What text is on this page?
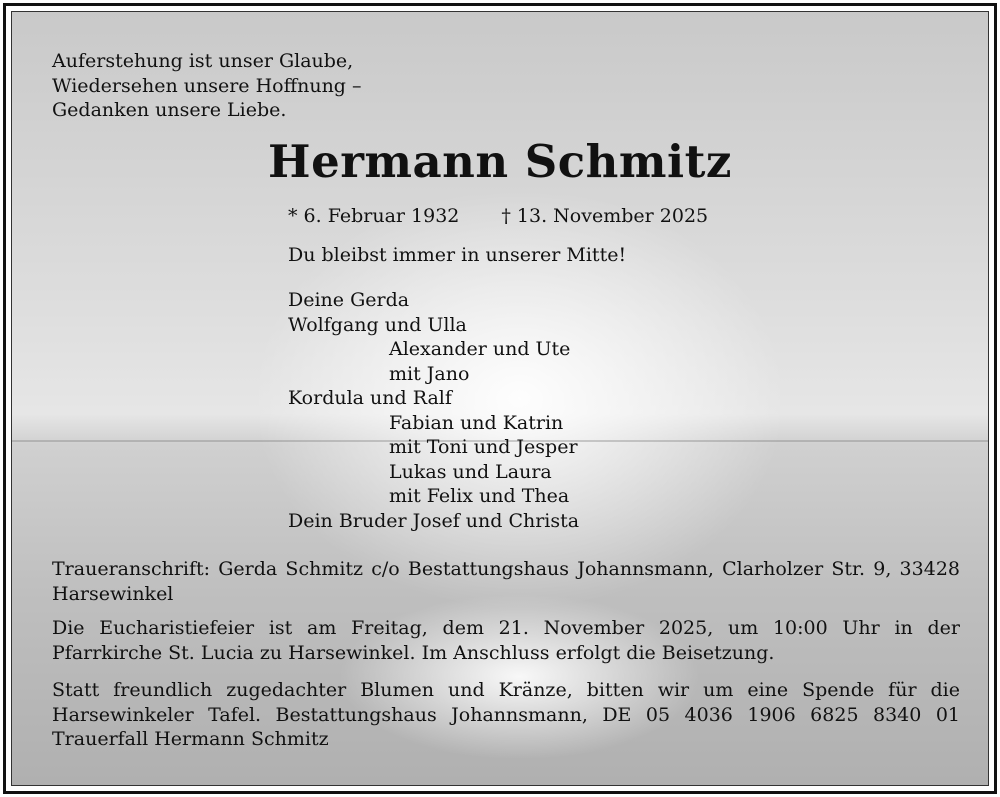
Auferstehung ist unser Glaube,
Wiedersehen unsere Hoffnung –
Gedanken unsere Liebe.
Hermann Schmitz
* 6. Februar 1932 † 13. November 2025
Du bleibst immer in unserer Mitte!
Deine Gerda
Wolfgang und Ulla
Alexander und Ute
mit Jano
Kordula und Ralf
Fabian und Katrin
mit Toni und Jesper
Lukas und Laura
mit Felix und Thea
Dein Bruder Josef und Christa
Traueranschrift: Gerda Schmitz c/o Bestattungshaus Johannsmann, Clarholzer Str. 9, 33428 Harsewinkel
Die Eucharistiefeier ist am Freitag, dem 21. November 2025, um 10:00 Uhr in der Pfarrkirche St. Lucia zu Harsewinkel. Im Anschluss erfolgt die Beisetzung.
Statt freundlich zugedachter Blumen und Kränze, bitten wir um eine Spende für die Harsewinkeler Tafel. Bestattungshaus Johannsmann, DE 05 4036 1906 6825 8340 01 Trauerfall Hermann Schmitz
